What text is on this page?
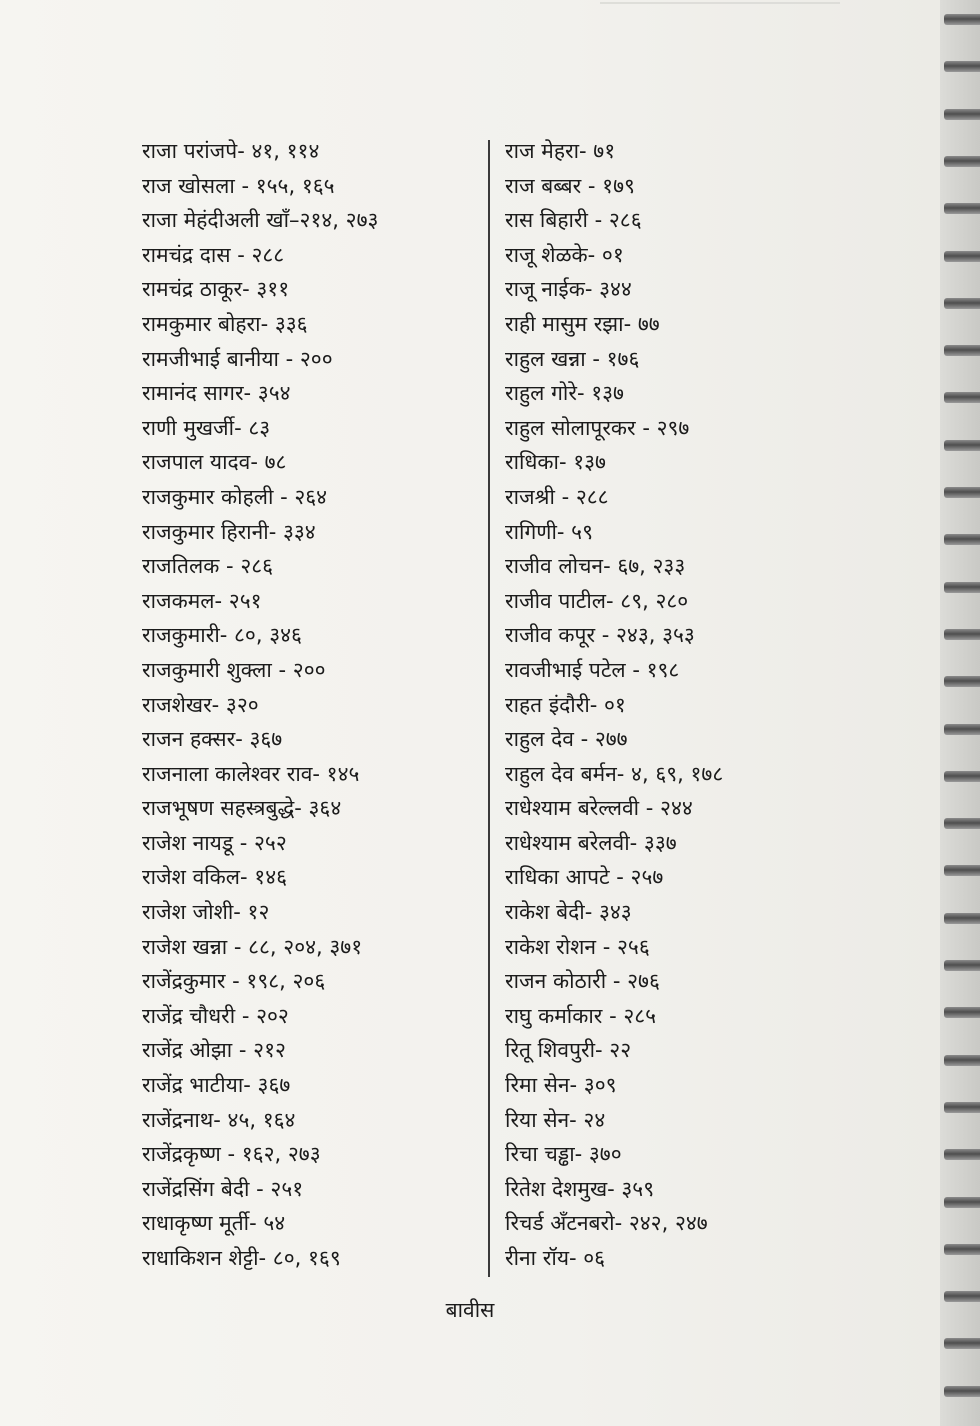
राजा परांजपे- ४१, ११४
राज खोसला - १५५, १६५
राजा मेहंदीअली खाँ–२१४, २७३
रामचंद्र दास - २८८
रामचंद्र ठाकूर- ३११
रामकुमार बोहरा- ३३६
रामजीभाई बानीया - २००
रामानंद सागर- ३५४
राणी मुखर्जी- ८३
राजपाल यादव- ७८
राजकुमार कोहली - २६४
राजकुमार हिरानी- ३३४
राजतिलक - २८६
राजकमल- २५१
राजकुमारी- ८०, ३४६
राजकुमारी शुक्ला - २००
राजशेखर- ३२०
राजन हक्सर- ३६७
राजनाला कालेश्वर राव- १४५
राजभूषण सहस्त्रबुद्धे- ३६४
राजेश नायडू - २५२
राजेश वकिल- १४६
राजेश जोशी- १२
राजेश खन्ना - ८८, २०४, ३७१
राजेंद्रकुमार - १९८, २०६
राजेंद्र चौधरी - २०२
राजेंद्र ओझा - २१२
राजेंद्र भाटीया- ३६७
राजेंद्रनाथ- ४५, १६४
राजेंद्रकृष्ण - १६२, २७३
राजेंद्रसिंग बेदी - २५१
राधाकृष्ण मूर्ती- ५४
राधाकिशन शेट्टी- ८०, १६९
राज मेहरा- ७१
राज बब्बर - १७९
रास बिहारी - २८६
राजू शेळके- ०१
राजू नाईक- ३४४
राही मासुम रझा- ७७
राहुल खन्ना - १७६
राहुल गोरे- १३७
राहुल सोलापूरकर - २९७
राधिका- १३७
राजश्री - २८८
रागिणी- ५९
राजीव लोचन- ६७, २३३
राजीव पाटील- ८९, २८०
राजीव कपूर - २४३, ३५३
रावजीभाई पटेल - १९८
राहत इंदौरी- ०१
राहुल देव - २७७
राहुल देव बर्मन- ४, ६९, १७८
राधेश्याम बरेल्लवी - २४४
राधेश्याम बरेलवी- ३३७
राधिका आपटे - २५७
राकेश बेदी- ३४३
राकेश रोशन - २५६
राजन कोठारी - २७६
राघु कर्माकार - २८५
रितू शिवपुरी- २२
रिमा सेन- ३०९
रिया सेन- २४
रिचा चड्ढा- ३७०
रितेश देशमुख- ३५९
रिचर्ड अँटनबरो- २४२, २४७
रीना रॉय- ०६
बावीस
